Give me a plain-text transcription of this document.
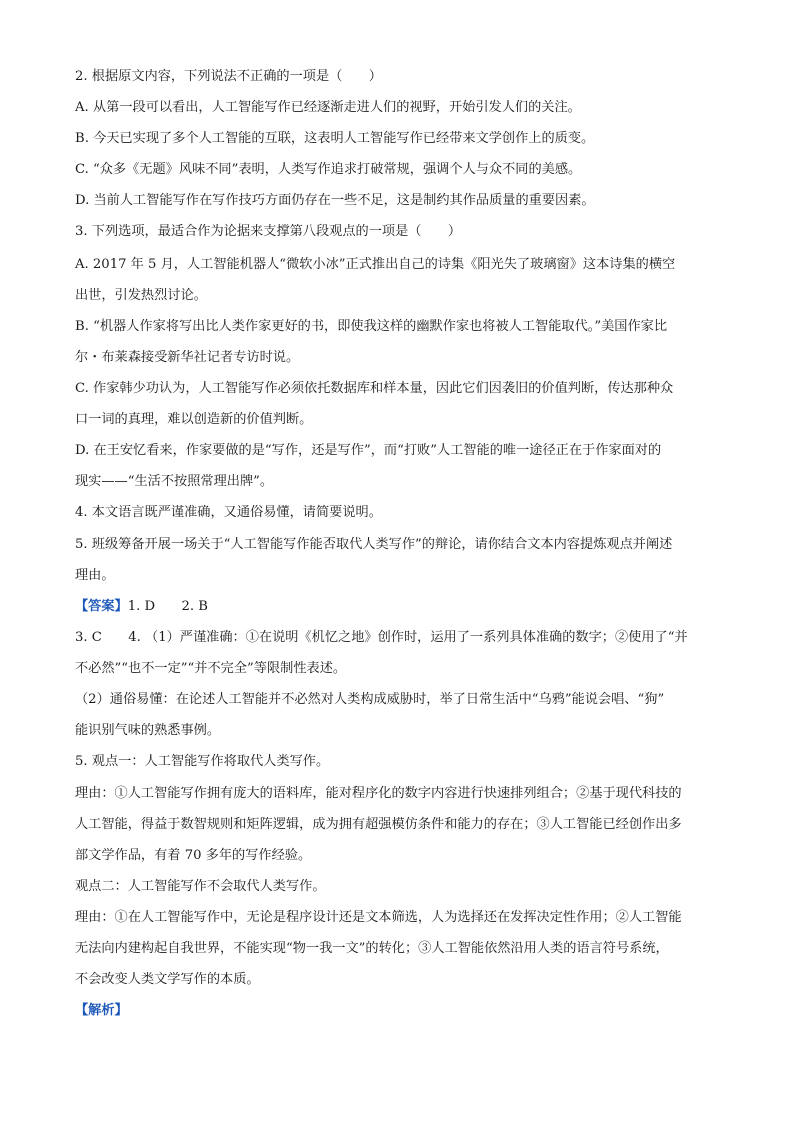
2. 根据原文内容，下列说法不正确的一项是（　　）
A. 从第一段可以看出，人工智能写作已经逐渐走进人们的视野，开始引发人们的关注。
B. 今天已实现了多个人工智能的互联，这表明人工智能写作已经带来文学创作上的质变。
C. “众多《无题》风味不同”表明，人类写作追求打破常规，强调个人与众不同的美感。
D. 当前人工智能写作在写作技巧方面仍存在一些不足，这是制约其作品质量的重要因素。
3. 下列选项，最适合作为论据来支撑第八段观点的一项是（　　）
A. 2017 年 5 月，人工智能机器人“微软小冰”正式推出自己的诗集《阳光失了玻璃窗》这本诗集的横空
出世，引发热烈讨论。
B. “机器人作家将写出比人类作家更好的书，即使我这样的幽默作家也将被人工智能取代。”美国作家比
尔・布莱森接受新华社记者专访时说。
C. 作家韩少功认为，人工智能写作必须依托数据库和样本量，因此它们因袭旧的价值判断，传达那种众
口一词的真理，难以创造新的价值判断。
D. 在王安忆看来，作家要做的是“写作，还是写作”，而“打败”人工智能的唯一途径正在于作家面对的
现实——“生活不按照常理出牌”。
4. 本文语言既严谨准确，又通俗易懂，请简要说明。
5. 班级筹备开展一场关于“人工智能写作能否取代人类写作”的辩论，请你结合文本内容提炼观点并阐述
理由。
【答案】1. D　　2. B
3. C　　4. （1）严谨准确：①在说明《机忆之地》创作时，运用了一系列具体准确的数字；②使用了“并
不必然”“也不一定”“并不完全”等限制性表述。
（2）通俗易懂：在论述人工智能并不必然对人类构成威胁时，举了日常生活中“乌鸦”能说会唱、“狗”
能识别气味的熟悉事例。
5. 观点一：人工智能写作将取代人类写作。
理由：①人工智能写作拥有庞大的语料库，能对程序化的数字内容进行快速排列组合；②基于现代科技的
人工智能，得益于数智规则和矩阵逻辑，成为拥有超强模仿条件和能力的存在；③人工智能已经创作出多
部文学作品，有着 70 多年的写作经验。
观点二：人工智能写作不会取代人类写作。
理由：①在人工智能写作中，无论是程序设计还是文本筛选，人为选择还在发挥决定性作用；②人工智能
无法向内建构起自我世界，不能实现“物一我一文”的转化；③人工智能依然沿用人类的语言符号系统，
不会改变人类文学写作的本质。
【解析】
